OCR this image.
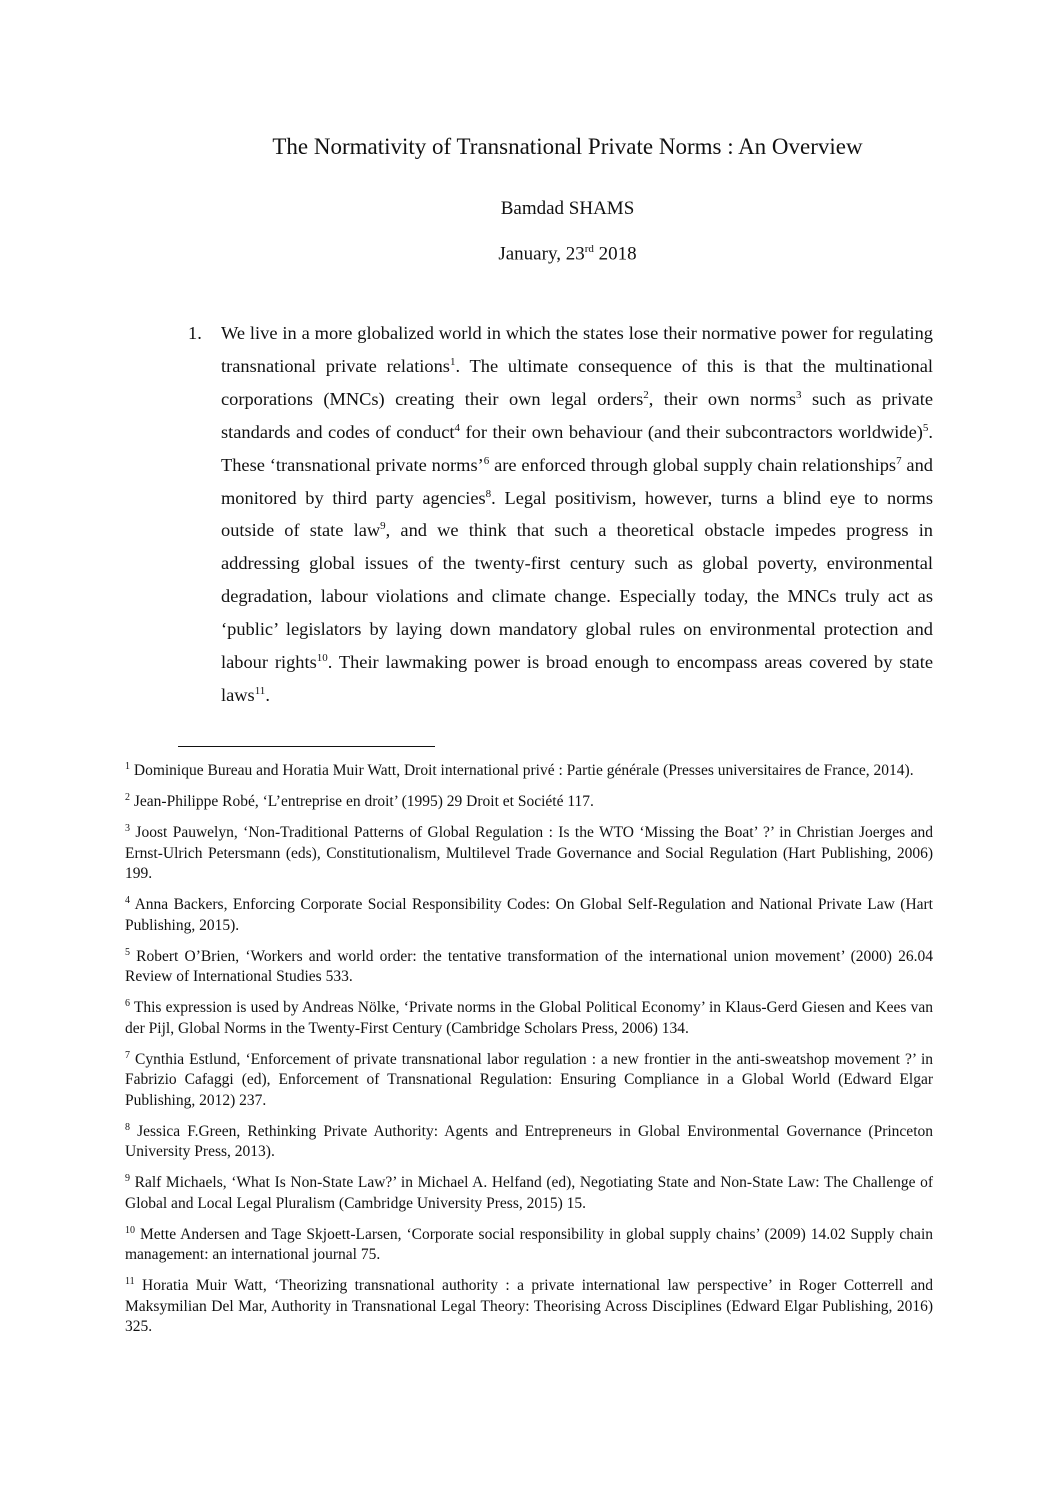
The Normativity of Transnational Private Norms : An Overview
Bamdad SHAMS
January, 23rd 2018
1. We live in a more globalized world in which the states lose their normative power for regulating transnational private relations$^1$. The ultimate consequence of this is that the multinational corporations (MNCs) creating their own legal orders$^2$, their own norms$^3$ such as private standards and codes of conduct$^4$ for their own behaviour (and their subcontractors worldwide)$^5$. These ‘transnational private norms’$^6$ are enforced through global supply chain relationships$^7$ and monitored by third party agencies$^8$. Legal positivism, however, turns a blind eye to norms outside of state law$^9$, and we think that such a theoretical obstacle impedes progress in addressing global issues of the twenty-first century such as global poverty, environmental degradation, labour violations and climate change. Especially today, the MNCs truly act as ‘public’ legislators by laying down mandatory global rules on environmental protection and labour rights$^{10}$. Their lawmaking power is broad enough to encompass areas covered by state laws$^{11}$.
$^1$ Dominique Bureau and Horatia Muir Watt, Droit international privé : Partie générale (Presses universitaires de France, 2014).
$^2$ Jean-Philippe Robé, ‘L’entreprise en droit’ (1995) 29 Droit et Société 117.
$^3$ Joost Pauwelyn, ‘Non-Traditional Patterns of Global Regulation : Is the WTO ‘Missing the Boat’ ?’ in Christian Joerges and Ernst-Ulrich Petersmann (eds), Constitutionalism, Multilevel Trade Governance and Social Regulation (Hart Publishing, 2006) 199.
$^4$ Anna Backers, Enforcing Corporate Social Responsibility Codes: On Global Self-Regulation and National Private Law (Hart Publishing, 2015).
$^5$ Robert O’Brien, ‘Workers and world order: the tentative transformation of the international union movement’ (2000) 26.04 Review of International Studies 533.
$^6$ This expression is used by Andreas Nölke, ‘Private norms in the Global Political Economy’ in Klaus-Gerd Giesen and Kees van der Pijl, Global Norms in the Twenty-First Century (Cambridge Scholars Press, 2006) 134.
$^7$ Cynthia Estlund, ‘Enforcement of private transnational labor regulation : a new frontier in the anti-sweatshop movement ?’ in Fabrizio Cafaggi (ed), Enforcement of Transnational Regulation: Ensuring Compliance in a Global World (Edward Elgar Publishing, 2012) 237.
$^8$ Jessica F.Green, Rethinking Private Authority: Agents and Entrepreneurs in Global Environmental Governance (Princeton University Press, 2013).
$^9$ Ralf Michaels, ‘What Is Non-State Law?’ in Michael A. Helfand (ed), Negotiating State and Non-State Law: The Challenge of Global and Local Legal Pluralism (Cambridge University Press, 2015) 15.
$^{10}$ Mette Andersen and Tage Skjoett-Larsen, ‘Corporate social responsibility in global supply chains’ (2009) 14.02 Supply chain management: an international journal 75.
$^{11}$ Horatia Muir Watt, ‘Theorizing transnational authority : a private international law perspective’ in Roger Cotterrell and Maksymilian Del Mar, Authority in Transnational Legal Theory: Theorising Across Disciplines (Edward Elgar Publishing, 2016) 325.
